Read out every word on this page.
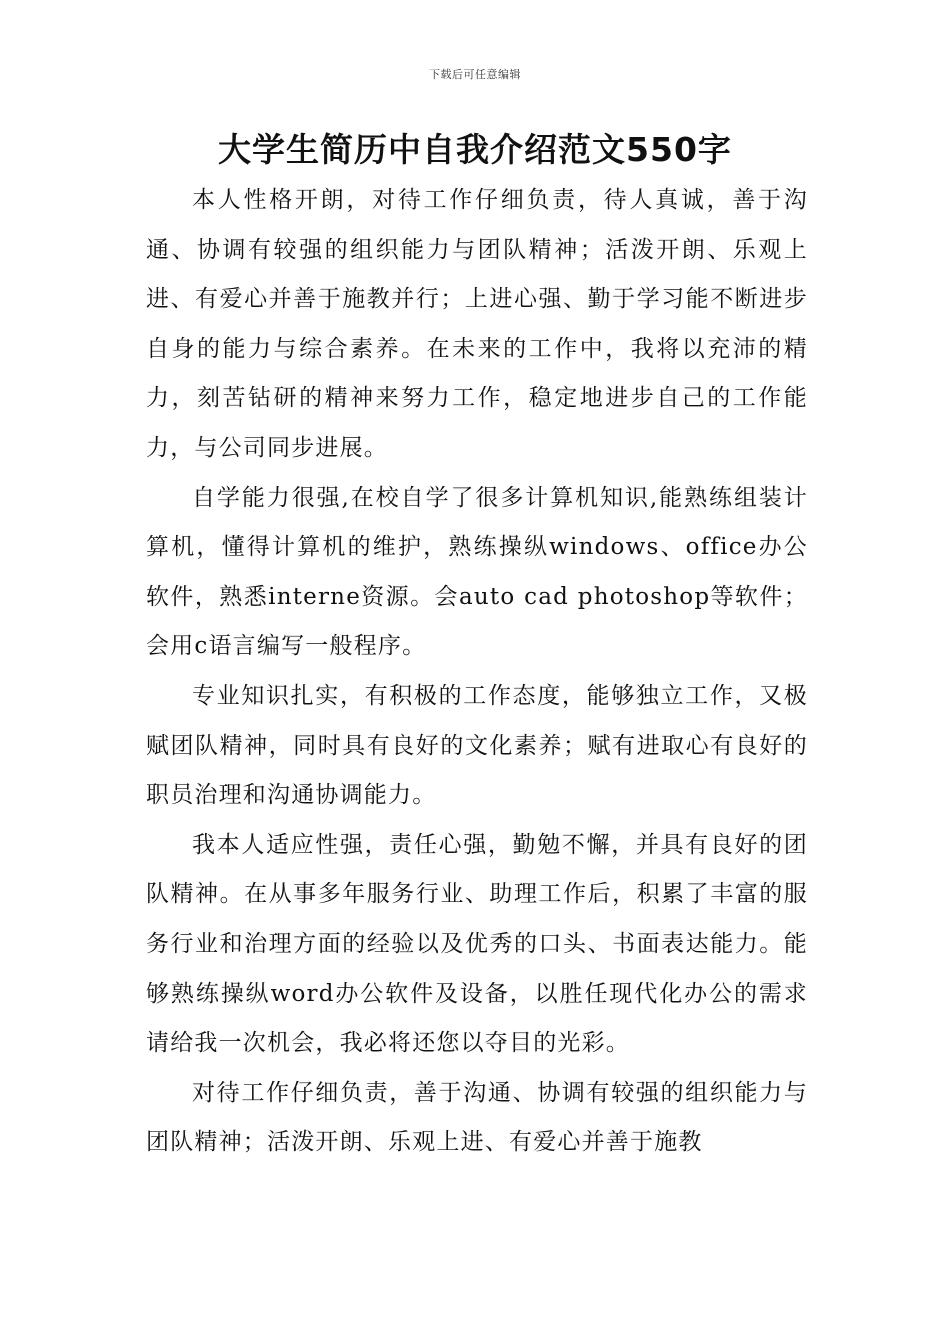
下载后可任意编辑
大学生简历中自我介绍范文550字

本人性格开朗，对待工作仔细负责，待人真诚，善于沟通、协调有较强的组织能力与团队精神；活泼开朗、乐观上进、有爱心并善于施教并行；上进心强、勤于学习能不断进步自身的能力与综合素养。在未来的工作中，我将以充沛的精力，刻苦钻研的精神来努力工作，稳定地进步自己的工作能力，与公司同步进展。

自学能力很强,在校自学了很多计算机知识,能熟练组装计算机，懂得计算机的维护，熟练操纵windows、office办公软件，熟悉interne资源。会auto cad photoshop等软件；会用c语言编写一般程序。

专业知识扎实，有积极的工作态度，能够独立工作，又极赋团队精神，同时具有良好的文化素养；赋有进取心有良好的职员治理和沟通协调能力。

我本人适应性强，责任心强，勤勉不懈，并具有良好的团队精神。在从事多年服务行业、助理工作后，积累了丰富的服务行业和治理方面的经验以及优秀的口头、书面表达能力。能够熟练操纵word办公软件及设备，以胜任现代化办公的需求请给我一次机会，我必将还您以夺目的光彩。

对待工作仔细负责，善于沟通、协调有较强的组织能力与团队精神；活泼开朗、乐观上进、有爱心并善于施教
